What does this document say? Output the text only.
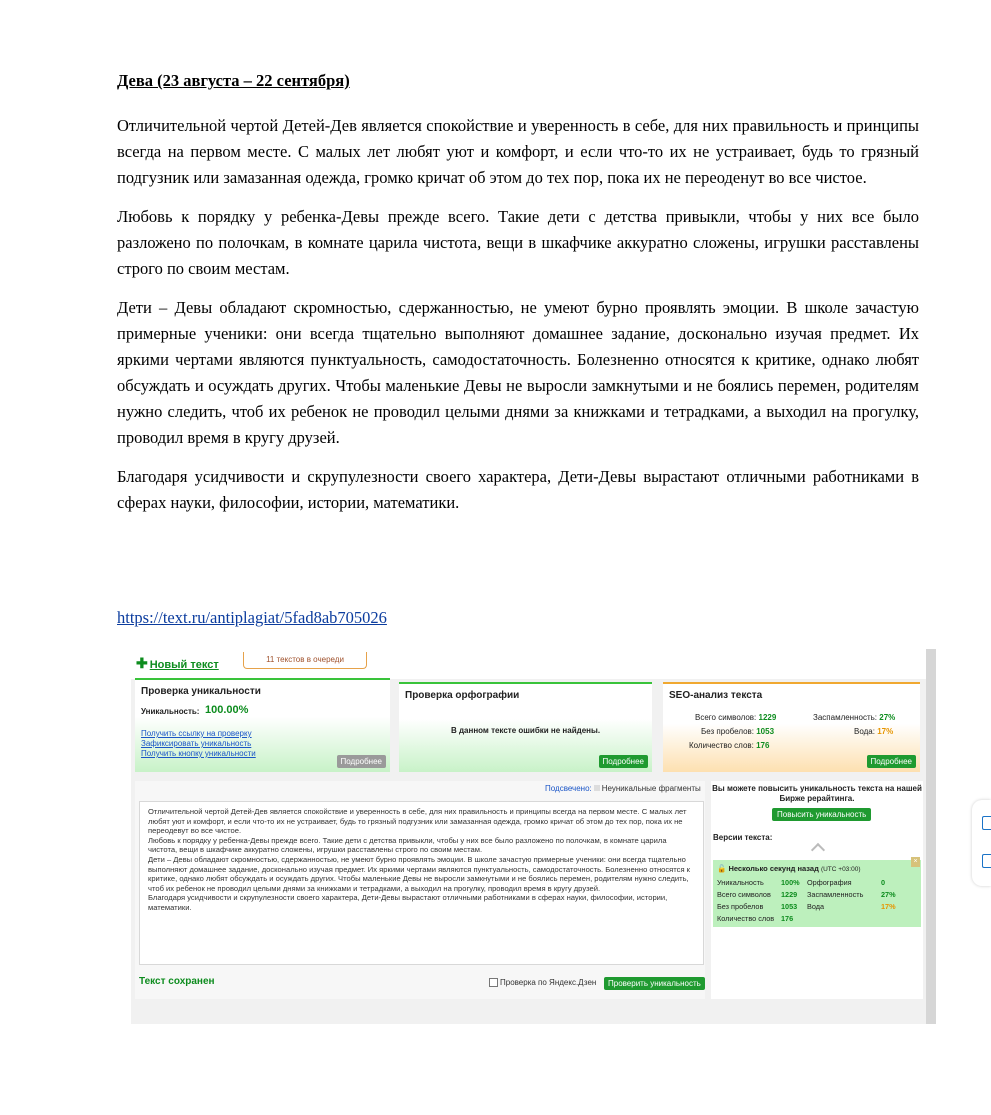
Дева (23 августа – 22 сентября)

Отличительной чертой Детей-Дев является спокойствие и уверенность в себе, для них правильность и принципы всегда на первом месте. С малых лет любят уют и комфорт, и если что-то их не устраивает, будь то грязный подгузник или замазанная одежда, громко кричат об этом до тех пор, пока их не переоденут во все чистое.

Любовь к порядку у ребенка-Девы прежде всего. Такие дети с детства привыкли, чтобы у них все было разложено по полочкам, в комнате царила чистота, вещи в шкафчике аккуратно сложены, игрушки расставлены строго по своим местам.

Дети – Девы обладают скромностью, сдержанностью, не умеют бурно проявлять эмоции. В школе зачастую примерные ученики: они всегда тщательно выполняют домашнее задание, досконально изучая предмет. Их яркими чертами являются пунктуальность, самодостаточность. Болезненно относятся к критике, однако любят обсуждать и осуждать других. Чтобы маленькие Девы не выросли замкнутыми и не боялись перемен, родителям нужно следить, чтоб их ребенок не проводил целыми днями за книжками и тетрадками, а выходил на прогулку, проводил время в кругу друзей.

Благодаря усидчивости и скрупулезности своего характера, Дети-Девы вырастают отличными работниками в сферах науки, философии, истории, математики.

https://text.ru/antiplagiat/5fad8ab705026
✚ Новый текст	11 текстов в очереди
Проверка уникальности
Уникальность: 100.00%
Получить ссылку на проверку
Зафиксировать уникальность
Получить кнопку уникальности
Подробнее
Проверка орфографии
В данном тексте ошибки не найдены.
Подробнее
SEO-анализ текста
Всего символов: 1229
Без пробелов: 1053
Количество слов: 176
Заспамленность: 27%
Вода: 17%
Подробнее
Подсвечено: Неуникальные фрагменты
Отличительной чертой Детей-Дев является спокойствие и уверенность в себе, для них правильность и принципы всегда на первом месте. С малых лет любят уют и комфорт, и если что-то их не устраивает, будь то грязный подгузник или замазанная одежда, громко кричат об этом до тех пор, пока их не переодевут во все чистое.
Любовь к порядку у ребенка-Девы прежде всего. Такие дети с детства привыкли, чтобы у них все было разложено по полочкам, в комнате царила чистота, вещи в шкафчике аккуратно сложены, игрушки расставлены строго по своим местам.
Дети – Девы обладают скромностью, сдержанностью, не умеют бурно проявлять эмоции. В школе зачастую примерные ученики: они всегда тщательно выполняют домашнее задание, досконально изучая предмет. Их яркими чертами являются пунктуальность, самодостаточность. Болезненно относятся к критике, однако любят обсуждать и осуждать других. Чтобы маленькие Девы не выросли замкнутыми и не боялись перемен, родителям нужно следить, чтоб их ребенок не проводил целыми днями за книжками и тетрадками, а выходил на прогулку, проводил время в кругу друзей.
Благодаря усидчивости и скрупулезности своего характера, Дети-Девы вырастают отличными работниками в сферах науки, философии, истории, математики.
Текст сохранен	Проверка по Яндекс.Дзен	Проверить уникальность
Вы можете повысить уникальность текста на нашей Бирже рерайтинга.
Повысить уникальность
Версии текста:
🔓 Несколько секунд назад (UTC +03:00)
Уникальность 100% Орфография	0
Всего символов 1229 Заспамленность 27%
Без пробелов 1053 Вода	17%
Количество слов 176
×
